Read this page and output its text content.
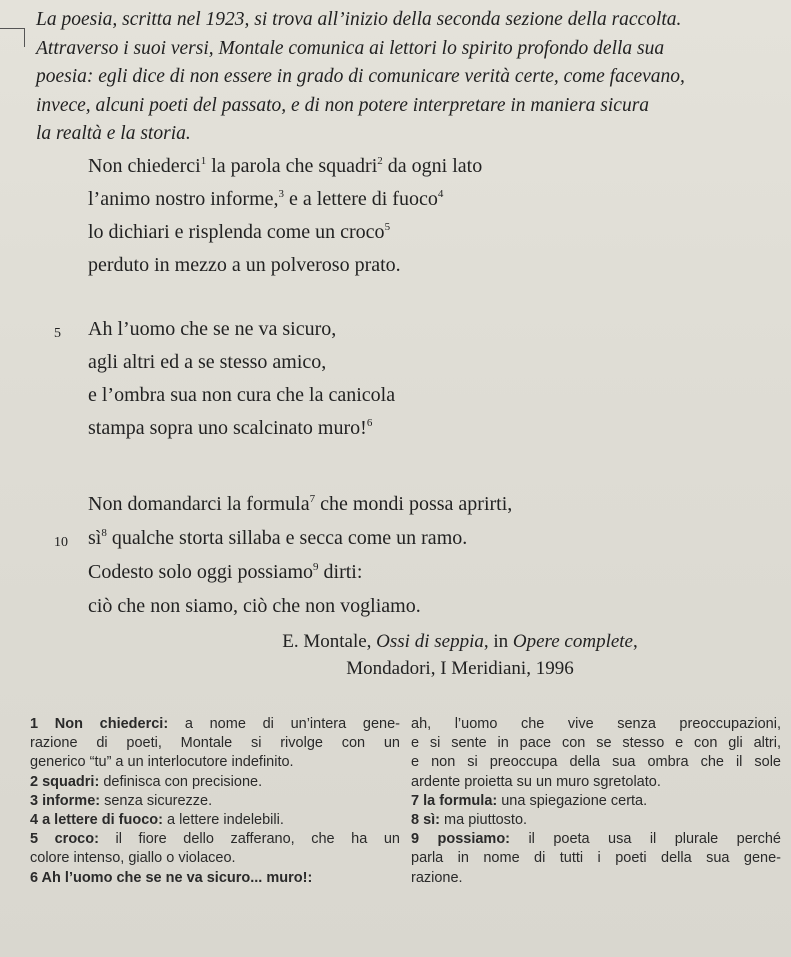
La poesia, scritta nel 1923, si trova all’inizio della seconda sezione della raccolta.

Attraverso i suoi versi, Montale comunica ai lettori lo spirito profondo della sua

poesia: egli dice di non essere in grado di comunicare verità certe, come facevano,

invece, alcuni poeti del passato, e di non potere interpretare in maniera sicura

la realtà e la storia.

Non chiederci$^1$ la parola che squadri$^2$ da ogni lato
l’animo nostro informe,$^3$ e a lettere di fuoco$^4$
lo dichiari e risplenda come un croco$^5$
perduto in mezzo a un polveroso prato.
5 Ah l’uomo che se ne va sicuro,
agli altri ed a se stesso amico,
e l’ombra sua non cura che la canicola
stampa sopra uno scalcinato muro!$^6$
10
Non domandarci la formula$^7$ che mondi possa aprirti,
$sì^8$ qualche storta sillaba e secca come un ramo.
Codesto solo oggi possiamo$^9$ dirti:
ciò che non siamo, ciò che non vogliamo.
E. Montale, Ossi di seppia, in Opere complete,
Mondadori, I Meridiani, 1996
1 Non chiederci: a nome di un’intera gene-
razione di poeti, Montale si rivolge con un
generico “tu” a un interlocutore indefinito.
2 squadri: definisca con precisione.
3 informe: senza sicurezze.
4 a lettere di fuoco: a lettere indelebili.
5 croco: il fiore dello zafferano, che ha un
colore intenso, giallo o violaceo.
6 Ah l’uomo che se ne va sicuro... muro!:
ah, l’uomo che vive senza preoccupazioni,
e si sente in pace con se stesso e con gli altri,
e non si preoccupa della sua ombra che il sole
ardente proietta su un muro sgretolato.
7 la formula: una spiegazione certa.
8 sì: ma piuttosto.
9 possiamo: il poeta usa il plurale perché
parla in nome di tutti i poeti della sua gene-
razione.
